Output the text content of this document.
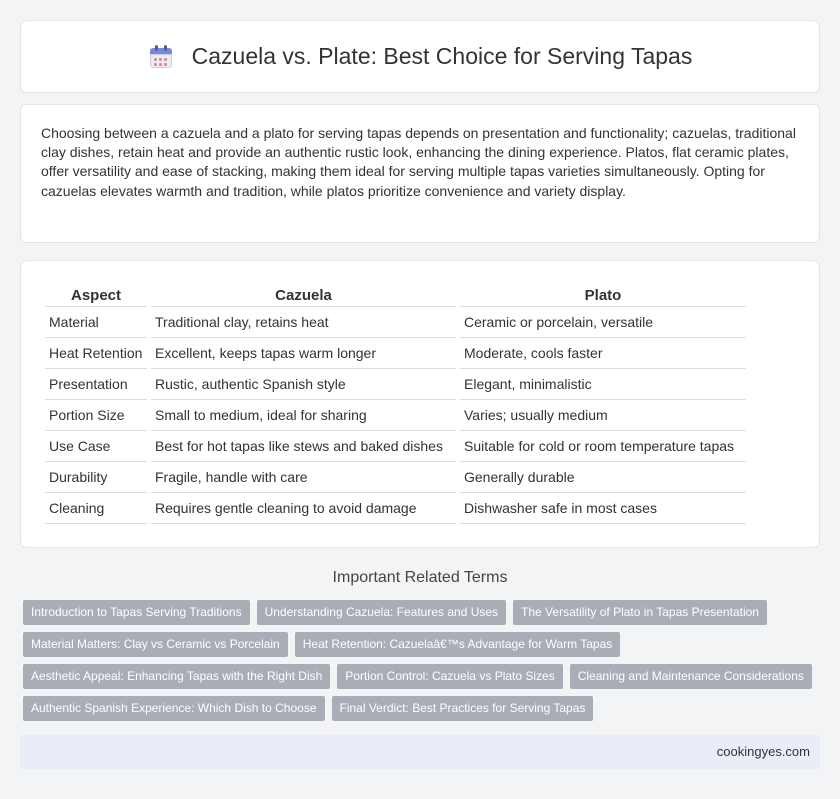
Cazuela vs. Plate: Best Choice for Serving Tapas

Choosing between a cazuela and a plato for serving tapas depends on presentation and functionality; cazuelas, traditional clay dishes, retain heat and provide an authentic rustic look, enhancing the dining experience. Platos, flat ceramic plates, offer versatility and ease of stacking, making them ideal for serving multiple tapas varieties simultaneously. Opting for cazuelas elevates warmth and tradition, while platos prioritize convenience and variety display.

Aspect	Cazuela	Plato
Material	Traditional clay, retains heat	Ceramic or porcelain, versatile
Heat Retention	Excellent, keeps tapas warm longer	Moderate, cools faster
Presentation	Rustic, authentic Spanish style	Elegant, minimalistic
Portion Size	Small to medium, ideal for sharing	Varies; usually medium
Use Case	Best for hot tapas like stews and baked dishes	Suitable for cold or room temperature tapas
Durability	Fragile, handle with care	Generally durable
Cleaning	Requires gentle cleaning to avoid damage	Dishwasher safe in most cases
Important Related Terms
Introduction to Tapas Serving Traditions	Understanding Cazuela: Features and Uses	The Versatility of Plato in Tapas Presentation
Material Matters: Clay vs Ceramic vs Porcelain	Heat Retention: Cazuelaâ€™s Advantage for Warm Tapas
Aesthetic Appeal: Enhancing Tapas with the Right Dish	Portion Control: Cazuela vs Plato Sizes	Cleaning and Maintenance Considerations
Authentic Spanish Experience: Which Dish to Choose	Final Verdict: Best Practices for Serving Tapas
cookingyes.com
